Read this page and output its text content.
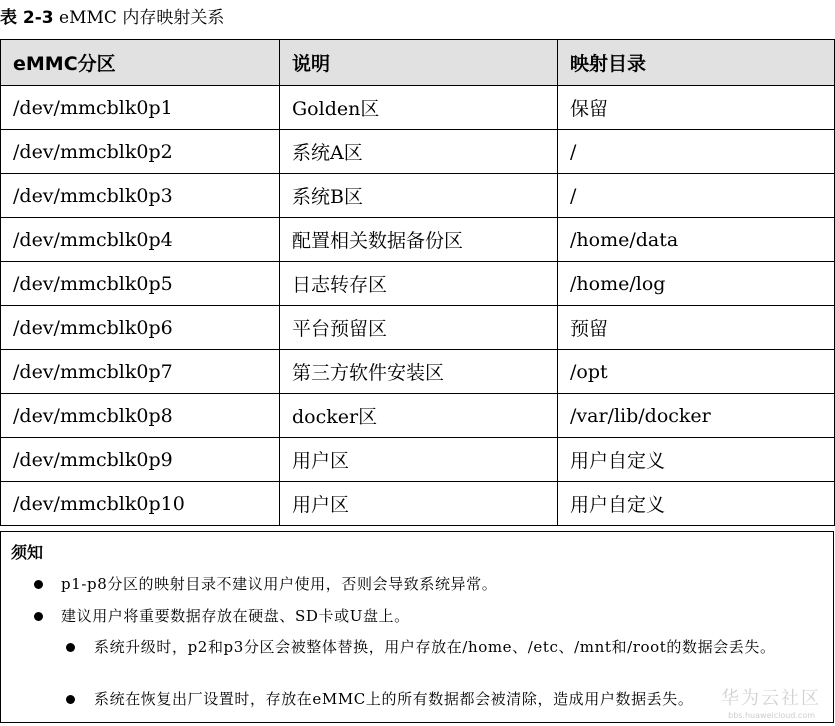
表 2-3 eMMC 内存映射关系
eMMC分区	说明	映射目录
/dev/mmcblk0p1	Golden区	保留
/dev/mmcblk0p2	系统A区	/
/dev/mmcblk0p3	系统B区	/
/dev/mmcblk0p4	配置相关数据备份区	/home/data
/dev/mmcblk0p5	日志转存区	/home/log
/dev/mmcblk0p6	平台预留区	预留
/dev/mmcblk0p7	第三方软件安装区	/opt
/dev/mmcblk0p8	docker区	/var/lib/docker
/dev/mmcblk0p9	用户区	用户自定义
/dev/mmcblk0p10	用户区	用户自定义
须知
p1-p8分区的映射目录不建议用户使用，否则会导致系统异常。
建议用户将重要数据存放在硬盘、SD卡或U盘上。
系统升级时，p2和p3分区会被整体替换，用户存放在/home、/etc、/mnt和/root的数据会丢失。
系统在恢复出厂设置时，存放在eMMC上的所有数据都会被清除，造成用户数据丢失。	华为云社区
bbs.huaweicloud.com
